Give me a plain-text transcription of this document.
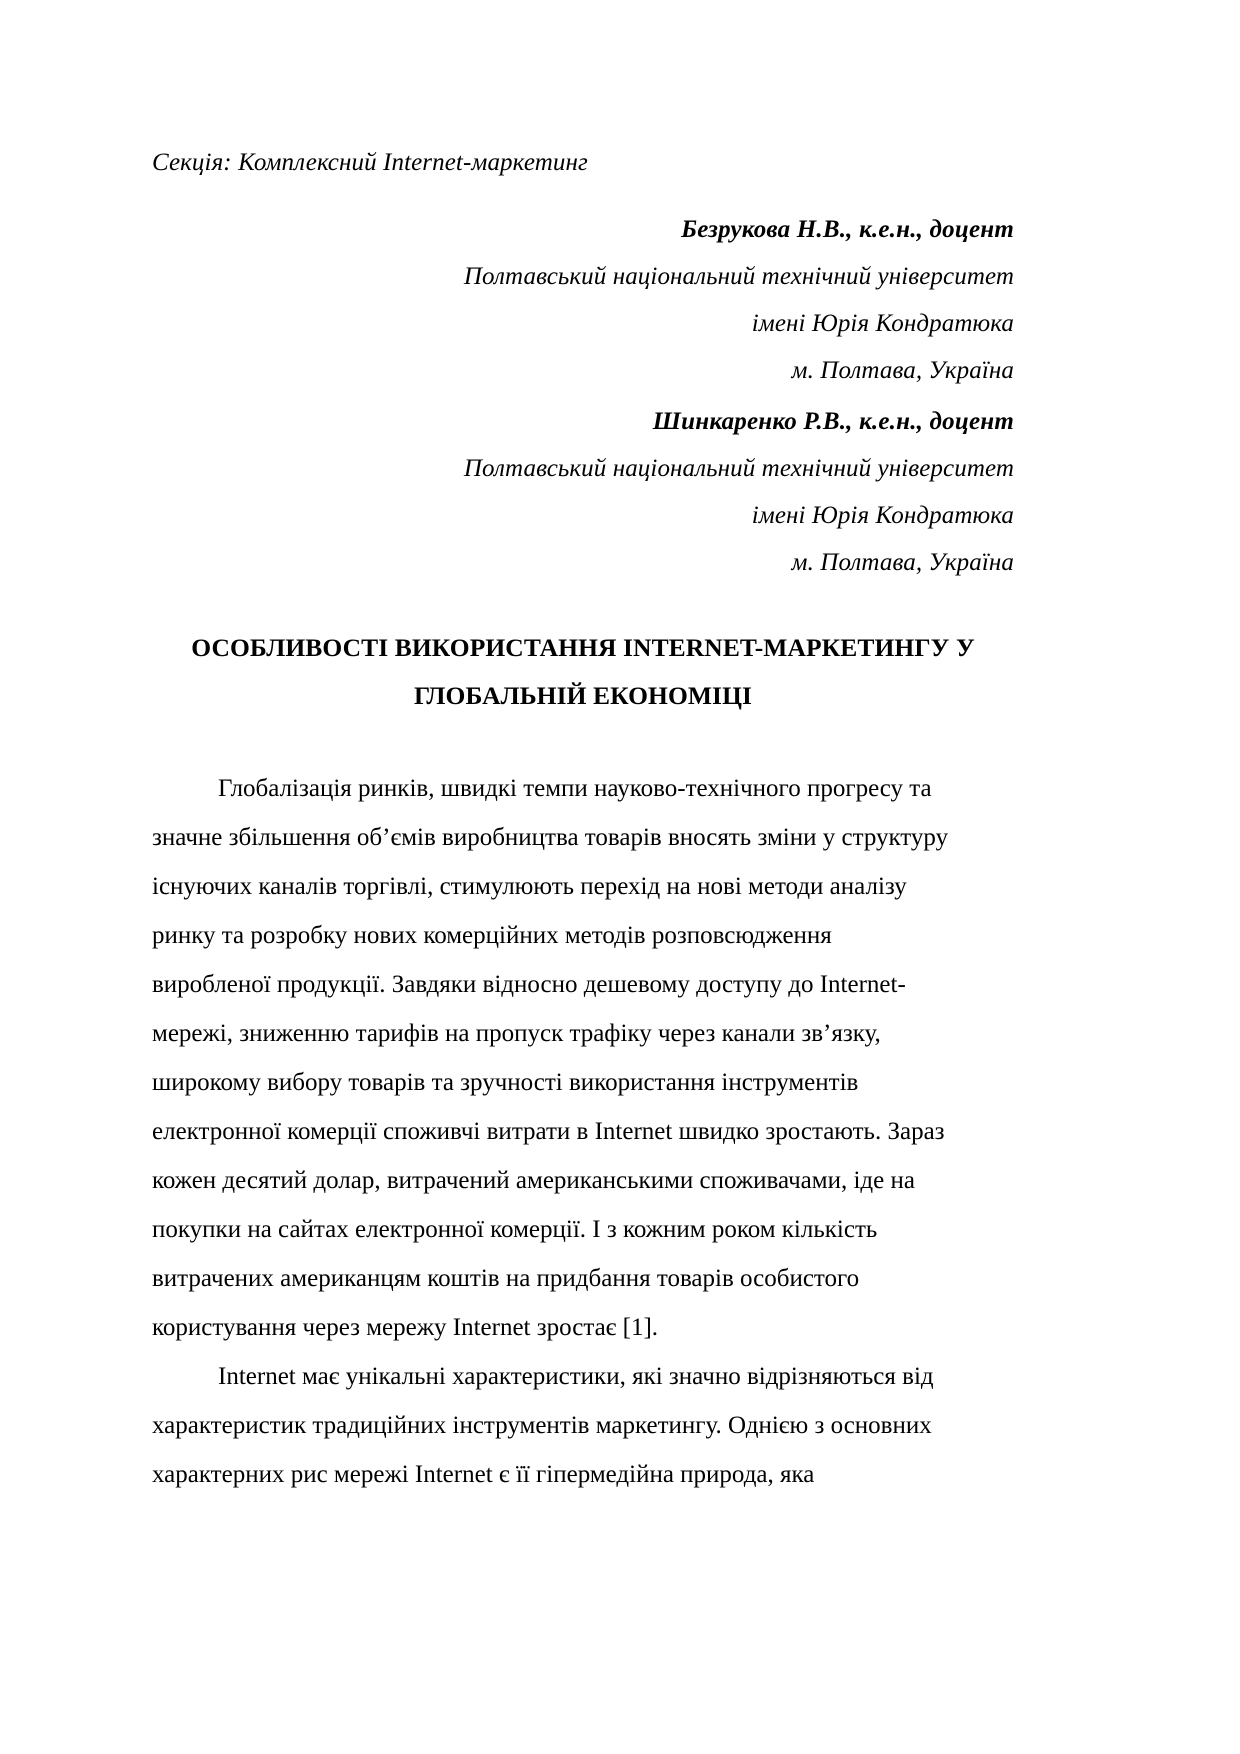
Секція: Комплексний Internet-маркетинг
Безрукова Н.В., к.е.н., доцент
Полтавський національний технічний університет
імені Юрія Кондратюка
м. Полтава, Україна
Шинкаренко Р.В., к.е.н., доцент
Полтавський національний технічний університет
імені Юрія Кондратюка
м. Полтава, Україна
ОСОБЛИВОСТІ ВИКОРИСТАННЯ INTERNET-МАРКЕТИНГУ У
ГЛОБАЛЬНІЙ ЕКОНОМІЦІ

Глобалізація ринків, швидкі темпи науково-технічного прогресу та
значне збільшення об’ємів виробництва товарів вносять зміни у структуру
існуючих каналів торгівлі, стимулюють перехід на нові методи аналізу
ринку та розробку нових комерційних методів розповсюдження
виробленої продукції. Завдяки відносно дешевому доступу до Internet-
мережі, зниженню тарифів на пропуск трафіку через канали зв’язку,
широкому вибору товарів та зручності використання інструментів
електронної комерції споживчі витрати в Internet швидко зростають. Зараз
кожен десятий долар, витрачений американськими споживачами, іде на
покупки на сайтах електронної комерції. І з кожним роком кількість
витрачених американцям коштів на придбання товарів особистого
користування через мережу Internet зростає [1].

Internet має унікальні характеристики, які значно відрізняються від
характеристик традиційних інструментів маркетингу. Однією з основних
характерних рис мережі Internet є її гіпермедійна природа, яка
